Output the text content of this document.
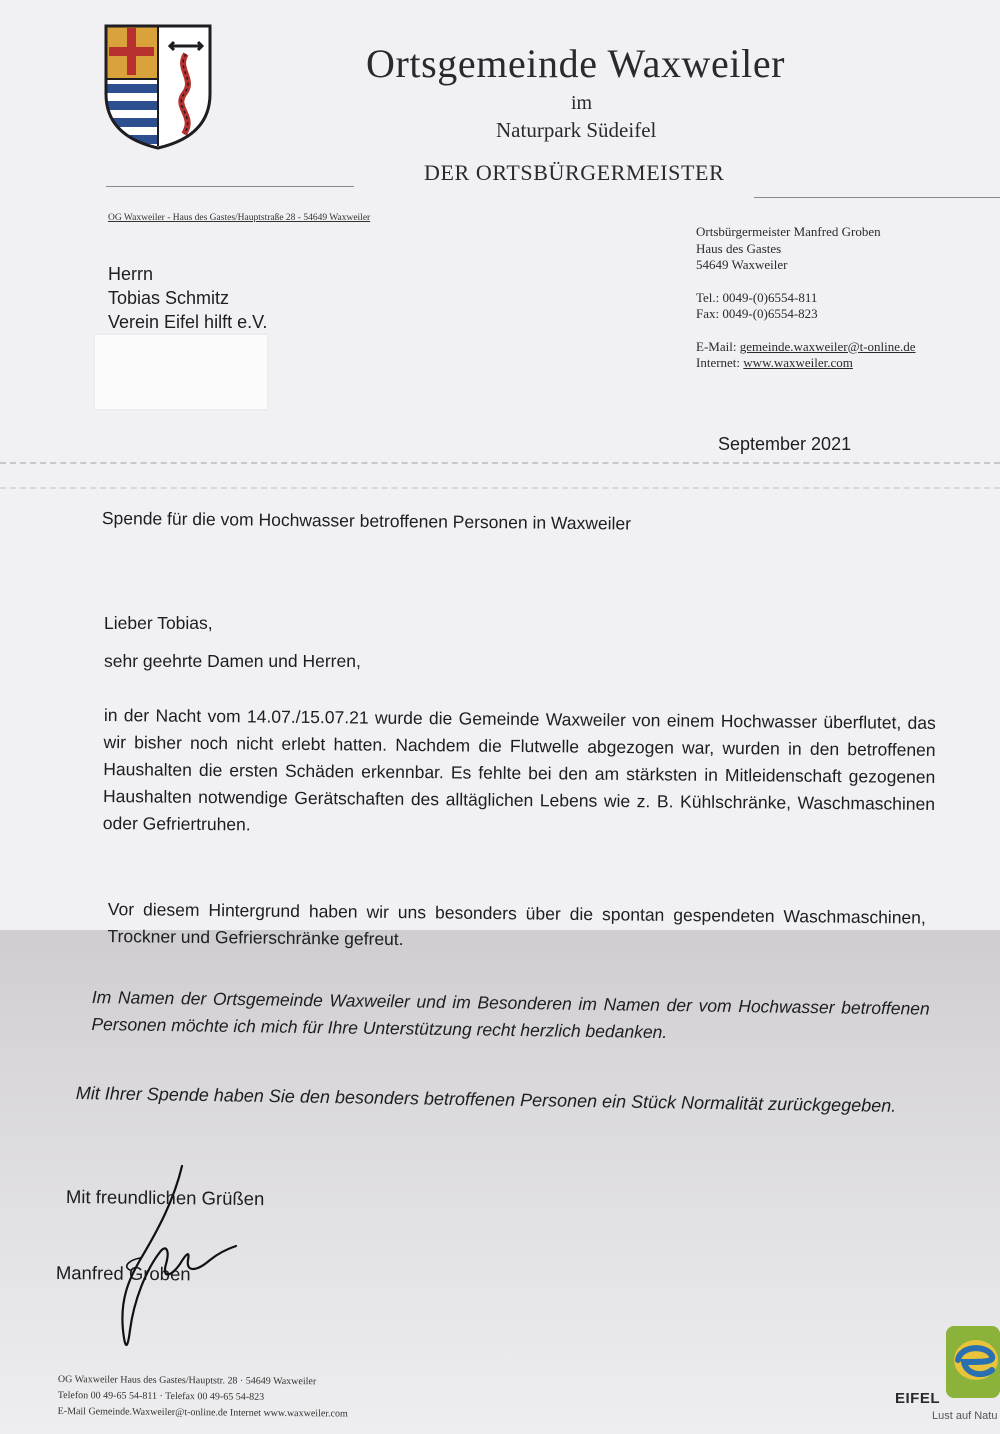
Ortsgemeinde Waxweiler
im
Naturpark Südeifel
DER ORTSBÜRGERMEISTER
OG Waxweiler - Haus des Gastes/Hauptstraße 28 - 54649 Waxweiler
Herrn
Tobias Schmitz
Verein Eifel hilft e.V.
Ortsbürgermeister Manfred Groben
Haus des Gastes
54649 Waxweiler
Tel.: 0049-(0)6554-811
Fax: 0049-(0)6554-823
E-Mail: gemeinde.waxweiler@t-online.de
Internet: www.waxweiler.com
September 2021
Spende für die vom Hochwasser betroffenen Personen in Waxweiler
Lieber Tobias,
sehr geehrte Damen und Herren,

in der Nacht vom 14.07./15.07.21 wurde die Gemeinde Waxweiler von einem Hochwasser überflutet, das wir bisher noch nicht erlebt hatten. Nachdem die Flutwelle abgezogen war, wurden in den betroffenen Haushalten die ersten Schäden erkennbar. Es fehlte bei den am stärksten in Mitleidenschaft gezogenen Haushalten notwendige Gerätschaften des alltäglichen Lebens wie z. B. Kühlschränke, Waschmaschinen oder Gefriertruhen.

Vor diesem Hintergrund haben wir uns besonders über die spontan gespendeten Waschmaschinen, Trockner und Gefrierschränke gefreut.

Im Namen der Ortsgemeinde Waxweiler und im Besonderen im Namen der vom Hochwasser betroffenen Personen möchte ich mich für Ihre Unterstützung recht herzlich bedanken.

Mit Ihrer Spende haben Sie den besonders betroffenen Personen ein Stück Normalität zurückgegeben.

Mit freundlichen Grüßen
Manfred Groben
OG Waxweiler Haus des Gastes/Hauptstr. 28 · 54649 Waxweiler
Telefon 00 49-65 54-811 · Telefax 00 49-65 54-823
E-Mail Gemeinde.Waxweiler@t-online.de Internet www.waxweiler.com
EIFEL
Lust auf Natu
